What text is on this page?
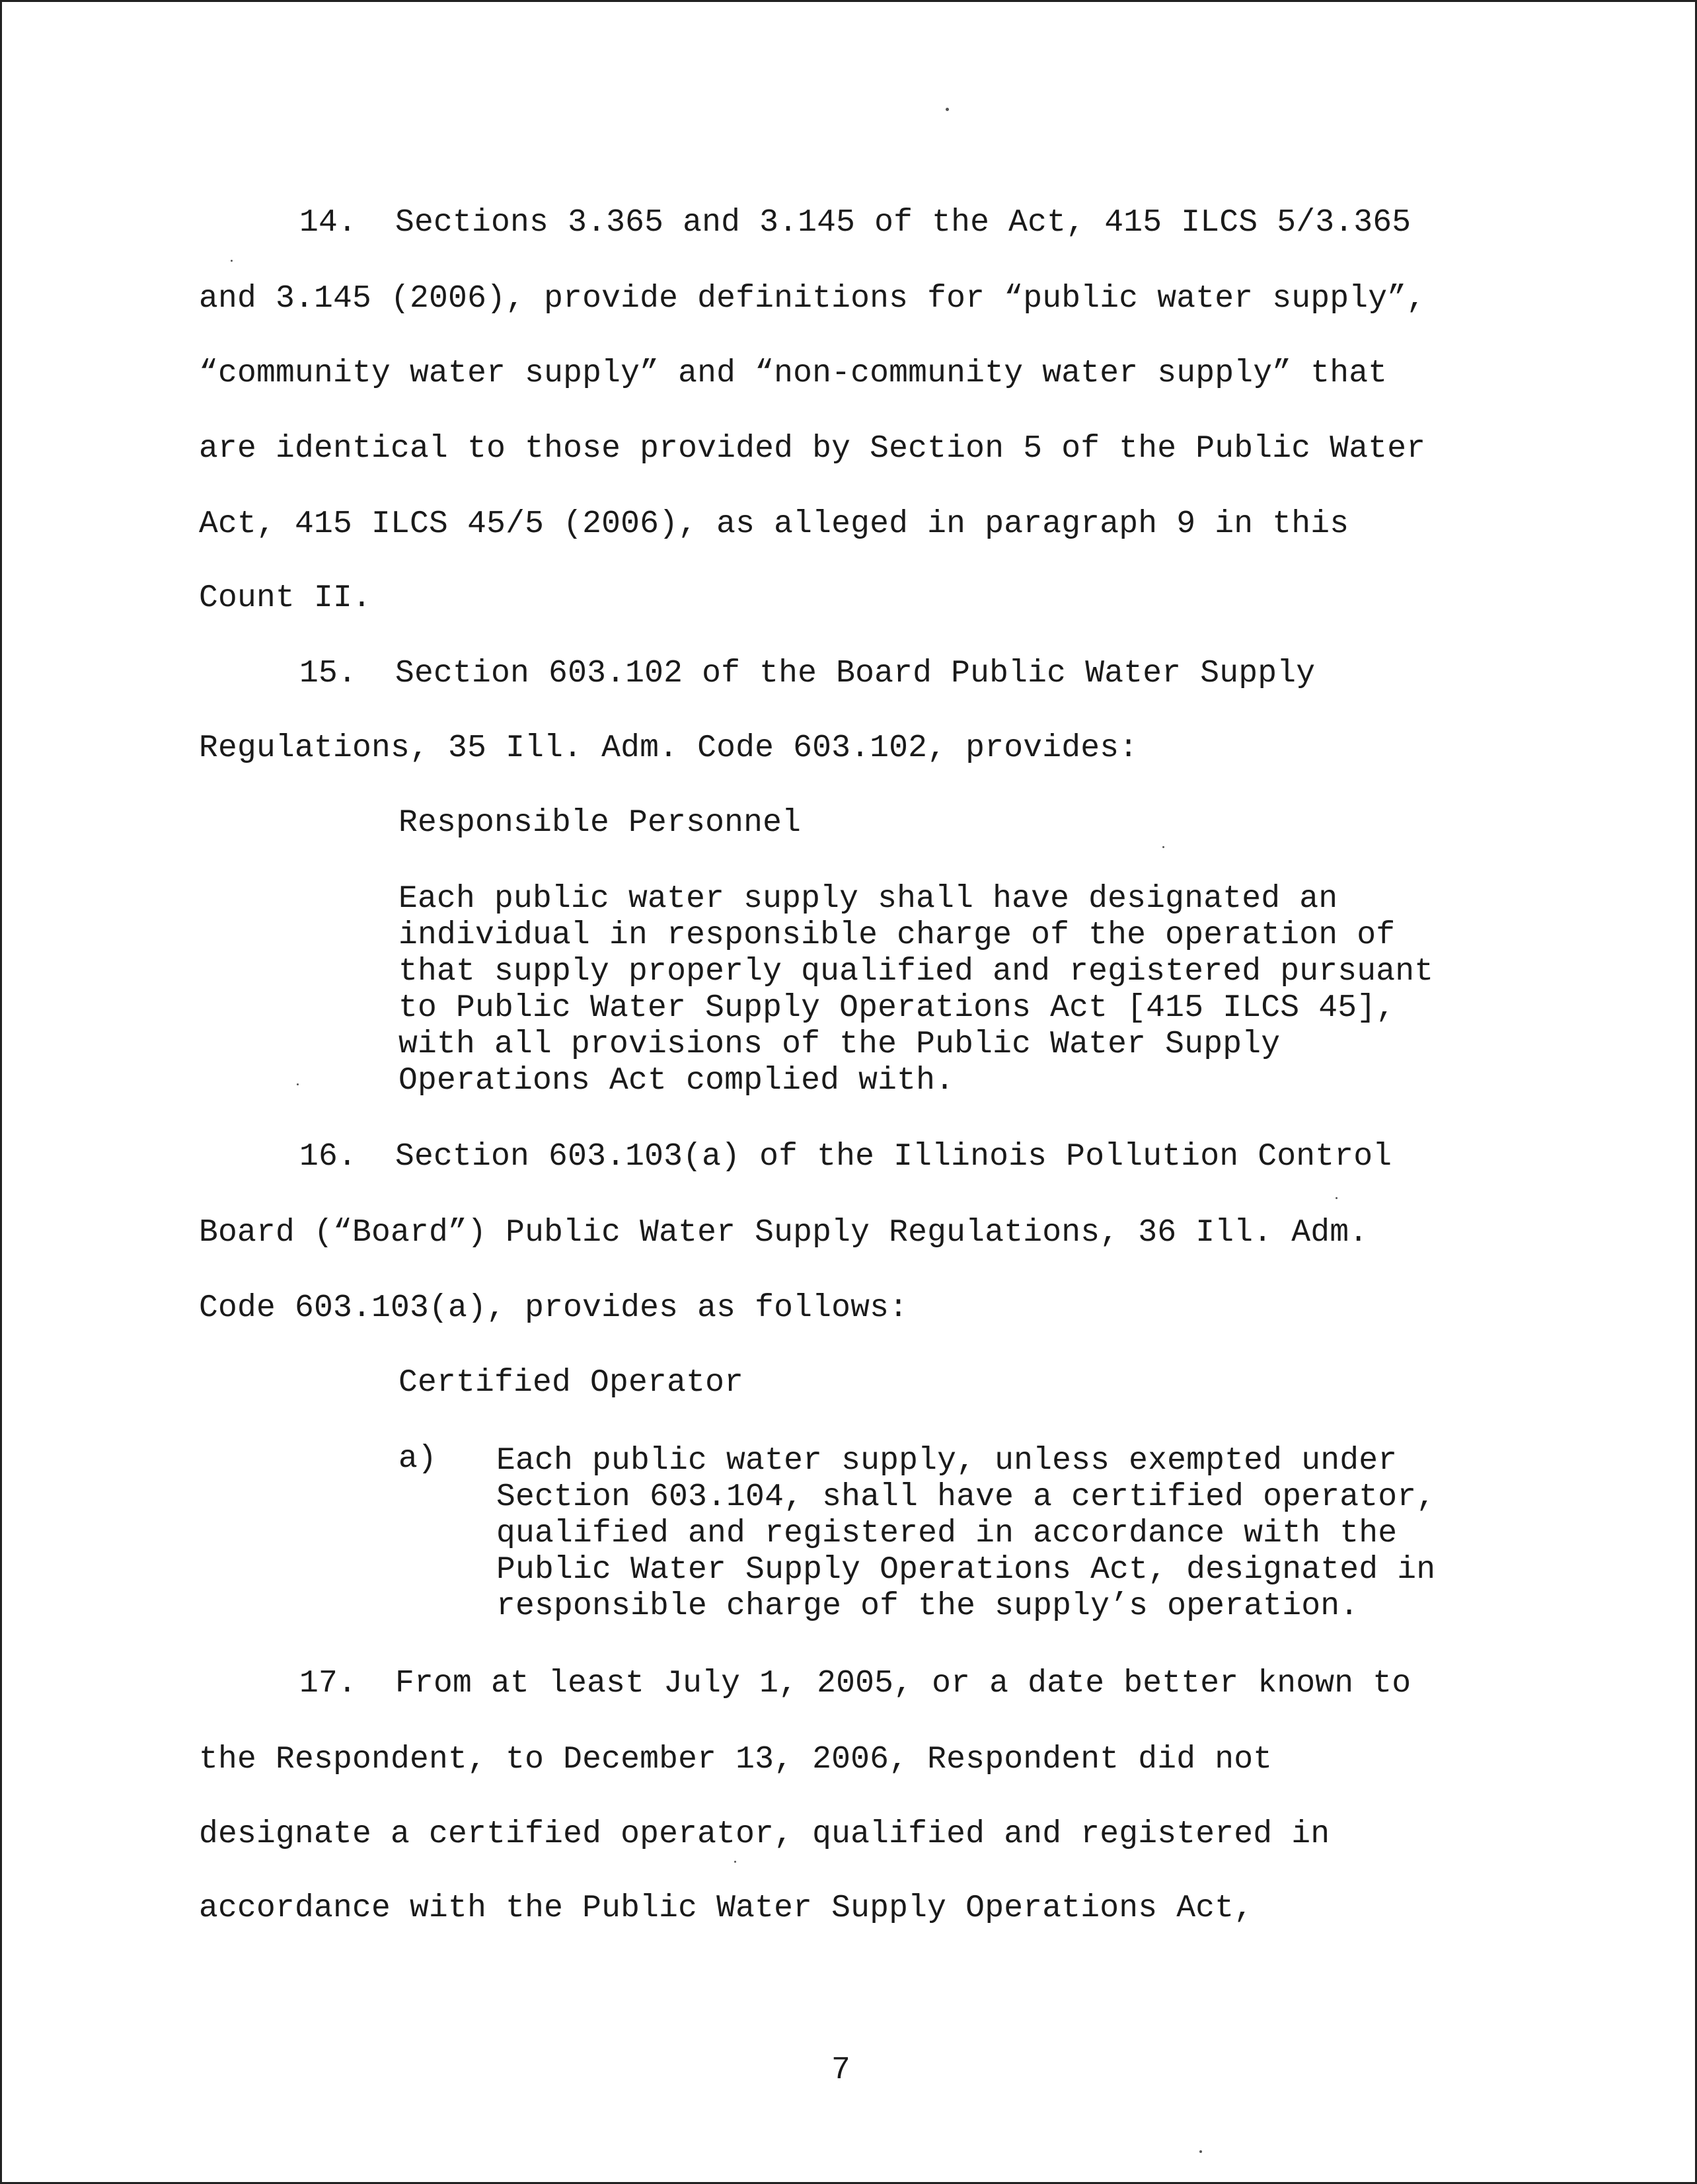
14.  Sections 3.365 and 3.145 of the Act, 415 ILCS 5/3.365
and 3.145 (2006), provide definitions for “public water supply”,
“community water supply” and “non-community water supply” that
are identical to those provided by Section 5 of the Public Water
Act, 415 ILCS 45/5 (2006), as alleged in paragraph 9 in this
Count II.
15.  Section 603.102 of the Board Public Water Supply
Regulations, 35 Ill. Adm. Code 603.102, provides:
Responsible Personnel
Each public water supply shall have designated an
individual in responsible charge of the operation of
that supply properly qualified and registered pursuant
to Public Water Supply Operations Act [415 ILCS 45],
with all provisions of the Public Water Supply
Operations Act complied with.
16.  Section 603.103(a) of the Illinois Pollution Control
Board (“Board”) Public Water Supply Regulations, 36 Ill. Adm.
Code 603.103(a), provides as follows:
Certified Operator
a) Each public water supply, unless exempted under
Section 603.104, shall have a certified operator,
qualified and registered in accordance with the
Public Water Supply Operations Act, designated in
responsible charge of the supply’s operation.
17.  From at least July 1, 2005, or a date better known to
the Respondent, to December 13, 2006, Respondent did not
designate a certified operator, qualified and registered in
accordance with the Public Water Supply Operations Act,
7
